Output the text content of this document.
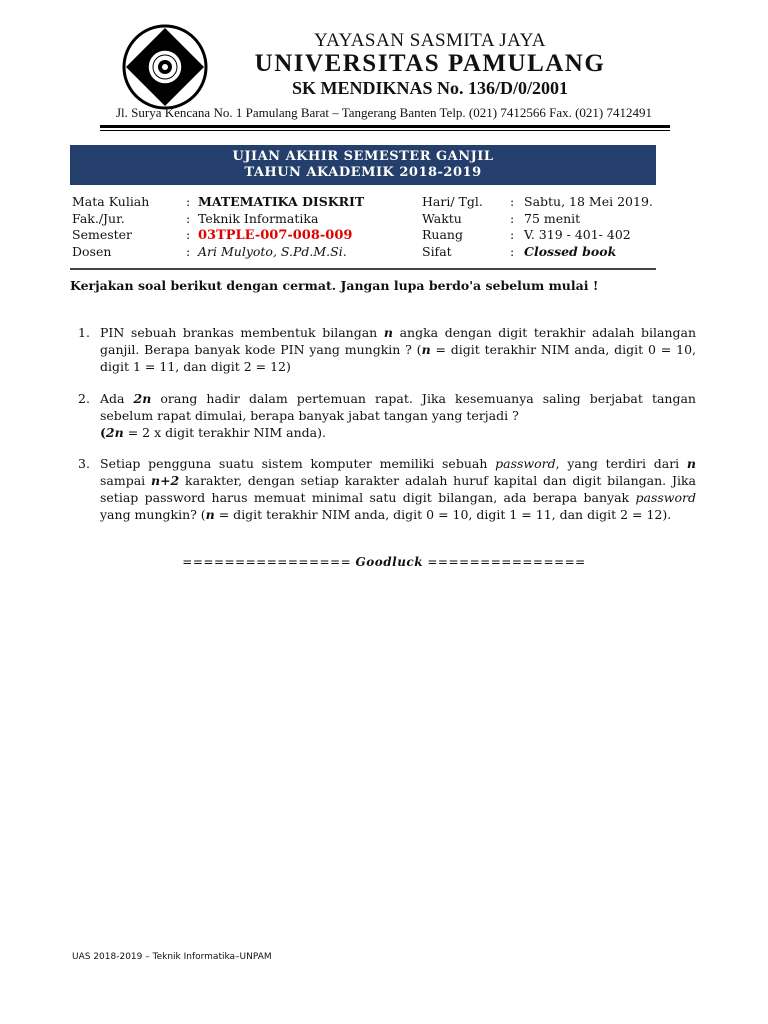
YAYASAN SASMITA JAYA
UNIVERSITAS PAMULANG
SK MENDIKNAS No. 136/D/0/2001
Jl. Surya Kencana No. 1 Pamulang Barat – Tangerang Banten Telp. (021) 7412566 Fax. (021) 7412491
UJIAN AKHIR SEMESTER GANJIL
TAHUN AKADEMIK 2018-2019
Mata Kuliah	: MATEMATIKA DISKRIT
Fak./Jur.	: Teknik Informatika
Semester	: 03TPLE-007-008-009
Dosen	: Ari Mulyoto, S.Pd.M.Si.
Hari/ Tgl. : Sabtu, 18 Mei 2019.
Waktu	: 75 menit
Ruang	: V. 319 - 401- 402
Sifat	: Clossed book
Kerjakan soal berikut dengan cermat. Jangan lupa berdo'a sebelum mulai !
1. PIN sebuah brankas membentuk bilangan n angka dengan digit terakhir adalah bilangan ganjil. Berapa banyak kode PIN yang mungkin ? (n = digit terakhir NIM anda, digit 0 = 10, digit 1 = 11, dan digit 2 = 12)
2. Ada 2n orang hadir dalam pertemuan rapat. Jika kesemuanya saling berjabat tangan sebelum rapat dimulai, berapa banyak jabat tangan yang terjadi ?
(2n = 2 x digit terakhir NIM anda).
3. Setiap pengguna suatu sistem komputer memiliki sebuah password, yang terdiri dari n sampai n+2 karakter, dengan setiap karakter adalah huruf kapital dan digit bilangan. Jika setiap password harus memuat minimal satu digit bilangan, ada berapa banyak password yang mungkin? (n = digit terakhir NIM anda, digit 0 = 10, digit 1 = 11, dan digit 2 = 12).
================ Goodluck ===============
UAS 2018-2019 – Teknik Informatika–UNPAM
